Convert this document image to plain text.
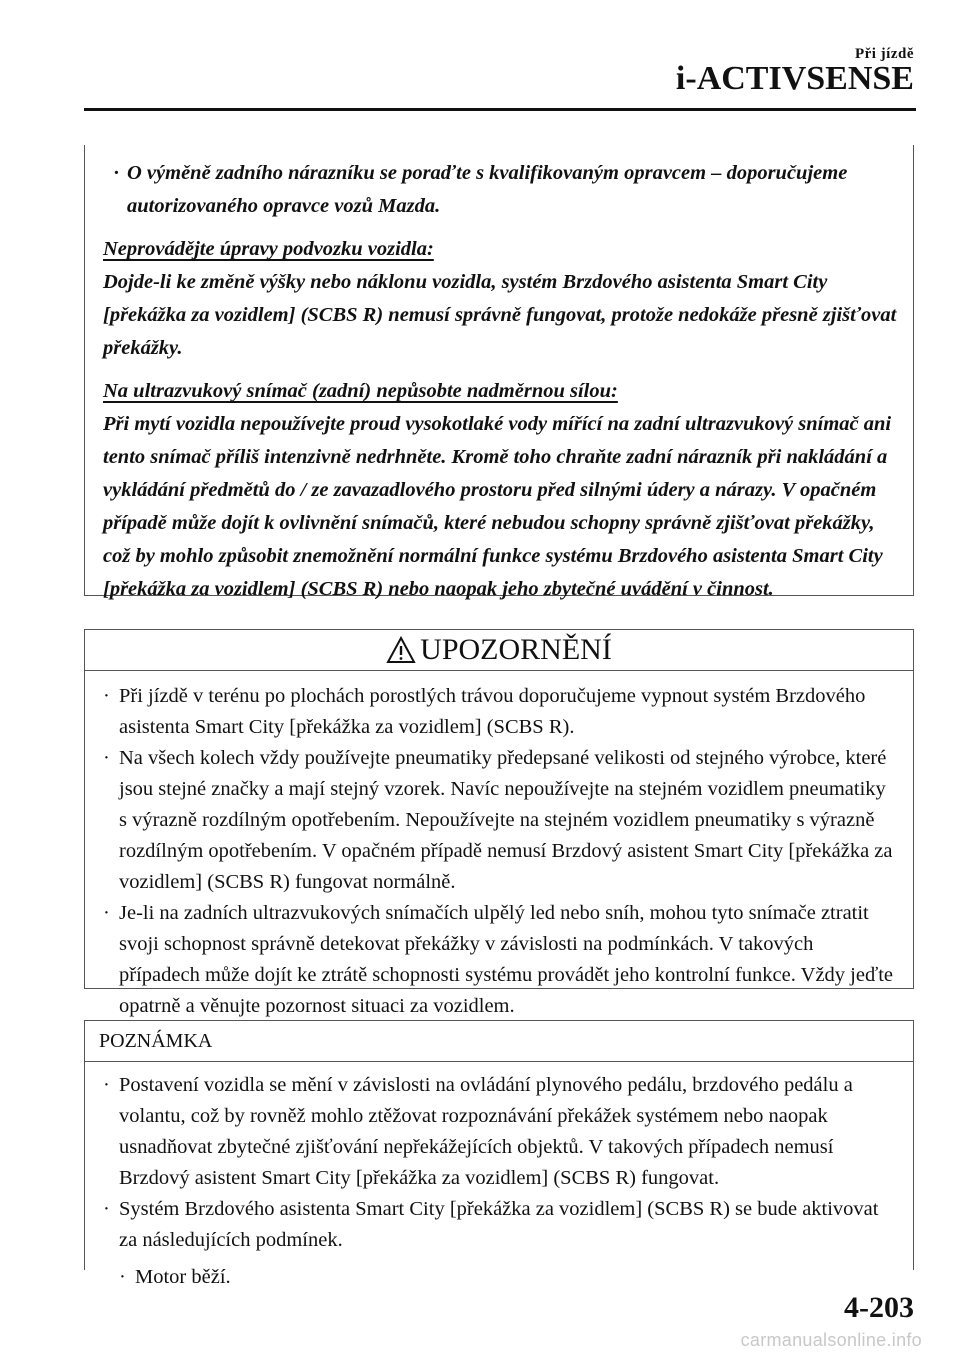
Při jízdě
i-ACTIVSENSE
· O výměně zadního nárazníku se poraďte s kvalifikovaným opravcem – doporučujeme autorizovaného opravce vozů Mazda.
Neprovádějte úpravy podvozku vozidla:
Dojde-li ke změně výšky nebo náklonu vozidla, systém Brzdového asistenta Smart City [překážka za vozidlem] (SCBS R) nemusí správně fungovat, protože nedokáže přesně zjišťovat překážky.
Na ultrazvukový snímač (zadní) nepůsobte nadměrnou sílou:
Při mytí vozidla nepoužívejte proud vysokotlaké vody mířící na zadní ultrazvukový snímač ani tento snímač příliš intenzivně nedrhněte. Kromě toho chraňte zadní nárazník při nakládání a vykládání předmětů do / ze zavazadlového prostoru před silnými údery a nárazy. V opačném případě může dojít k ovlivnění snímačů, které nebudou schopny správně zjišťovat překážky, což by mohlo způsobit znemožnění normální funkce systému Brzdového asistenta Smart City [překážka za vozidlem] (SCBS R) nebo naopak jeho zbytečné uvádění v činnost.
UPOZORNĚNÍ
· Při jízdě v terénu po plochách porostlých trávou doporučujeme vypnout systém Brzdového asistenta Smart City [překážka za vozidlem] (SCBS R).
· Na všech kolech vždy používejte pneumatiky předepsané velikosti od stejného výrobce, které jsou stejné značky a mají stejný vzorek. Navíc nepoužívejte na stejném vozidlem pneumatiky s výrazně rozdílným opotřebením. Nepoužívejte na stejném vozidlem pneumatiky s výrazně rozdílným opotřebením. V opačném případě nemusí Brzdový asistent Smart City [překážka za vozidlem] (SCBS R) fungovat normálně.
· Je-li na zadních ultrazvukových snímačích ulpělý led nebo sníh, mohou tyto snímače ztratit svoji schopnost správně detekovat překážky v závislosti na podmínkách. V takových případech může dojít ke ztrátě schopnosti systému provádět jeho kontrolní funkce. Vždy jeďte opatrně a věnujte pozornost situaci za vozidlem.
POZNÁMKA
· Postavení vozidla se mění v závislosti na ovládání plynového pedálu, brzdového pedálu a volantu, což by rovněž mohlo ztěžovat rozpoznávání překážek systémem nebo naopak usnadňovat zbytečné zjišťování nepřekážejících objektů. V takových případech nemusí Brzdový asistent Smart City [překážka za vozidlem] (SCBS R) fungovat.
· Systém Brzdového asistenta Smart City [překážka za vozidlem] (SCBS R) se bude aktivovat za následujících podmínek.
· Motor běží.
4-203
carmanualsonline.info
